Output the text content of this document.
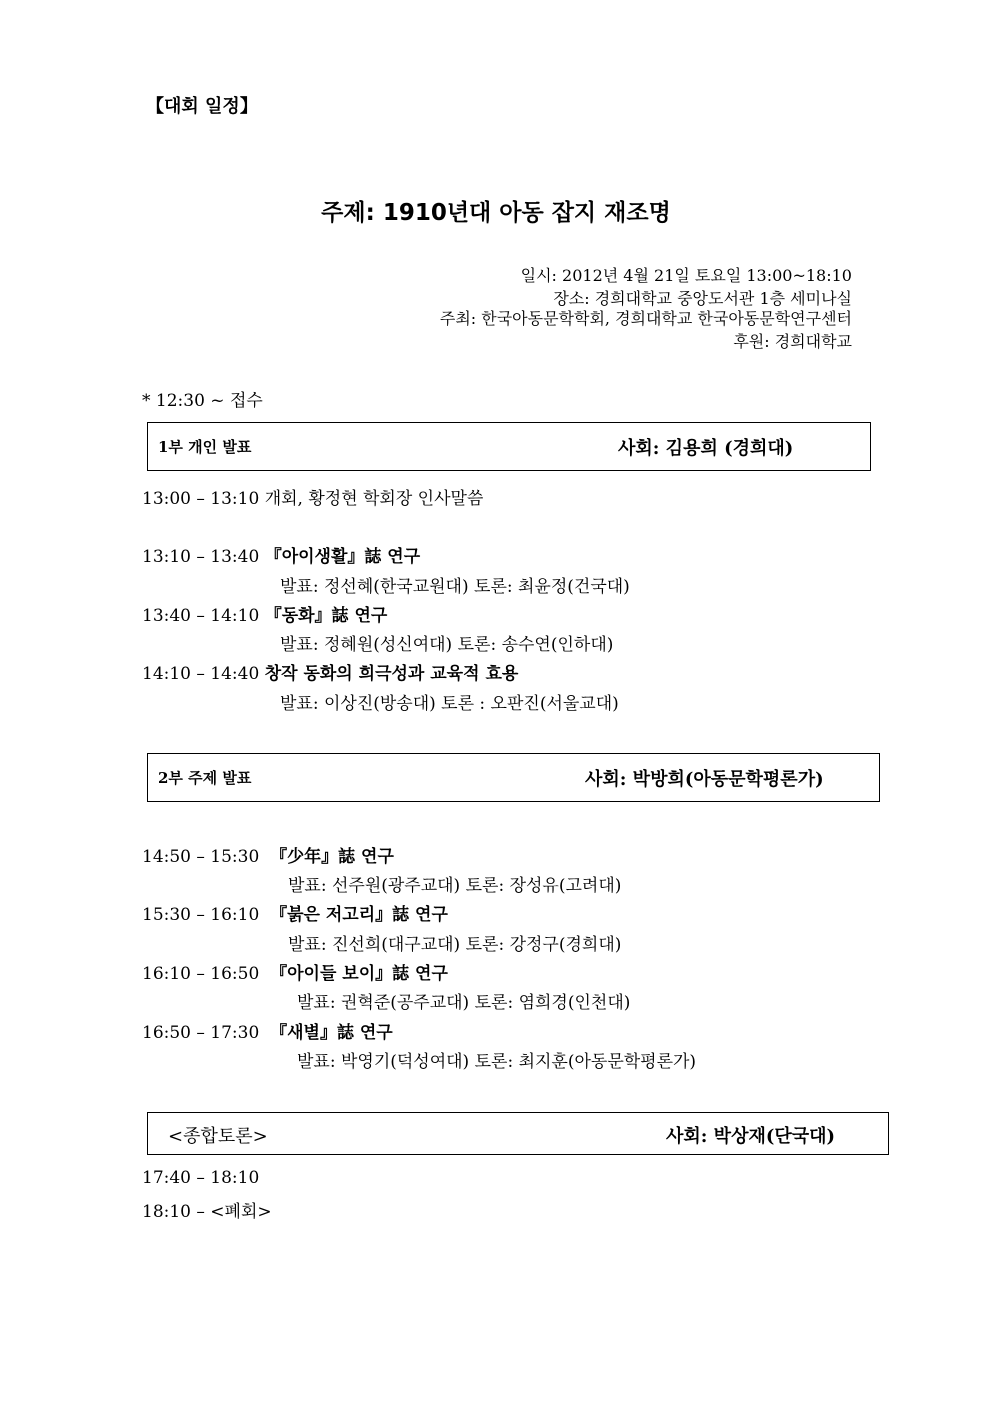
【대회 일정】
주제: 1910년대 아동 잡지 재조명
일시: 2012년 4월 21일 토요일 13:00~18:10
장소: 경희대학교 중앙도서관 1층 세미나실
주최: 한국아동문학학회, 경희대학교 한국아동문학연구센터
후원: 경희대학교
* 12:30 ~ 접수
1부 개인 발표	사회: 김용희 (경희대)
13:00 – 13:10 개회, 황정현 학회장 인사말씀
13:10 – 13:40 『아이생활』誌 연구
발표: 정선혜(한국교원대) 토론: 최윤정(건국대)
13:40 – 14:10 『동화』誌 연구
발표: 정혜원(성신여대) 토론: 송수연(인하대)
14:10 – 14:40 창작 동화의 희극성과 교육적 효용
발표: 이상진(방송대) 토론 : 오판진(서울교대)
2부 주제 발표	사회: 박방희(아동문학평론가)
14:50 – 15:30 『少年』誌 연구
발표: 선주원(광주교대) 토론: 장성유(고려대)
15:30 – 16:10 『붉은 저고리』誌 연구
발표: 진선희(대구교대) 토론: 강정구(경희대)
16:10 – 16:50 『아이들 보이』誌 연구
발표: 권혁준(공주교대) 토론: 염희경(인천대)
16:50 – 17:30 『새별』誌 연구
발표: 박영기(덕성여대) 토론: 최지훈(아동문학평론가)
<종합토론>	사회: 박상재(단국대)
17:40 – 18:10
18:10 – <폐회>
